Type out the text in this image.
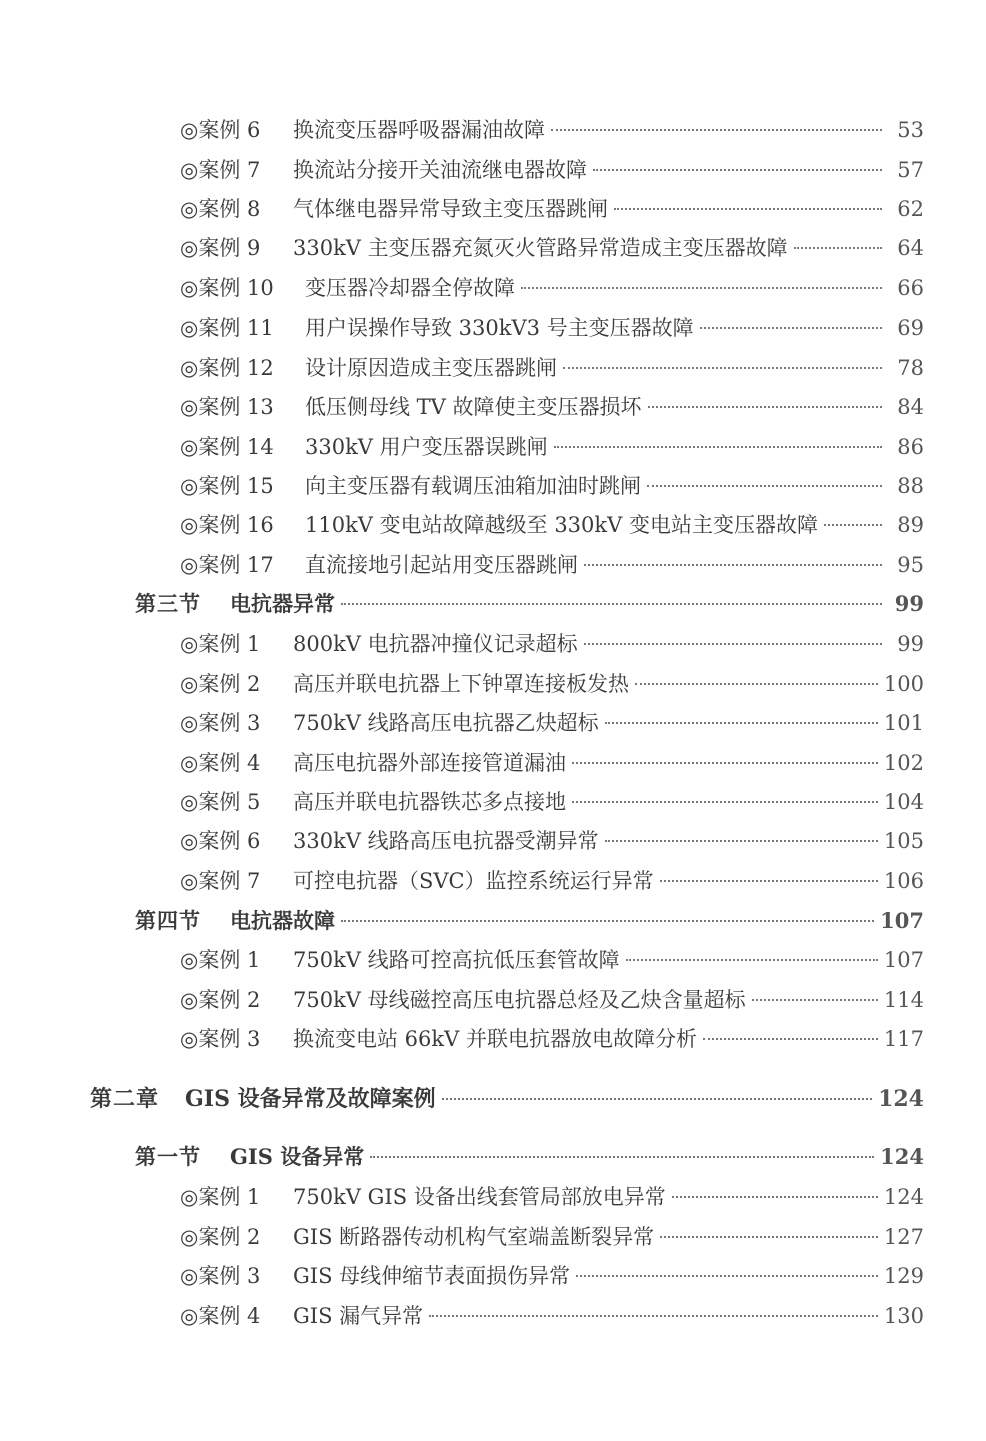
◎案例 6	换流变压器呼吸器漏油故障	53
◎案例 7	换流站分接开关油流继电器故障	57
◎案例 8	气体继电器异常导致主变压器跳闸	62
◎案例 9	330kV 主变压器充氮灭火管路异常造成主变压器故障	64
◎案例 10	变压器冷却器全停故障	66
◎案例 11	用户误操作导致 330kV3 号主变压器故障	69
◎案例 12	设计原因造成主变压器跳闸	78
◎案例 13	低压侧母线 TV 故障使主变压器损坏	84
◎案例 14	330kV 用户变压器误跳闸	86
◎案例 15	向主变压器有载调压油箱加油时跳闸	88
◎案例 16	110kV 变电站故障越级至 330kV 变电站主变压器故障	89
◎案例 17	直流接地引起站用变压器跳闸	95
第三节	电抗器异常	99
◎案例 1	800kV 电抗器冲撞仪记录超标	99
◎案例 2	高压并联电抗器上下钟罩连接板发热	100
◎案例 3	750kV 线路高压电抗器乙炔超标	101
◎案例 4	高压电抗器外部连接管道漏油	102
◎案例 5	高压并联电抗器铁芯多点接地	104
◎案例 6	330kV 线路高压电抗器受潮异常	105
◎案例 7	可控电抗器（SVC）监控系统运行异常	106
第四节	电抗器故障	107
◎案例 1	750kV 线路可控高抗低压套管故障	107
◎案例 2	750kV 母线磁控高压电抗器总烃及乙炔含量超标	114
◎案例 3	换流变电站 66kV 并联电抗器放电故障分析	117
第二章	GIS 设备异常及故障案例	124
第一节	GIS 设备异常	124
◎案例 1	750kV GIS 设备出线套管局部放电异常	124
◎案例 2	GIS 断路器传动机构气室端盖断裂异常	127
◎案例 3	GIS 母线伸缩节表面损伤异常	129
◎案例 4	GIS 漏气异常	130
